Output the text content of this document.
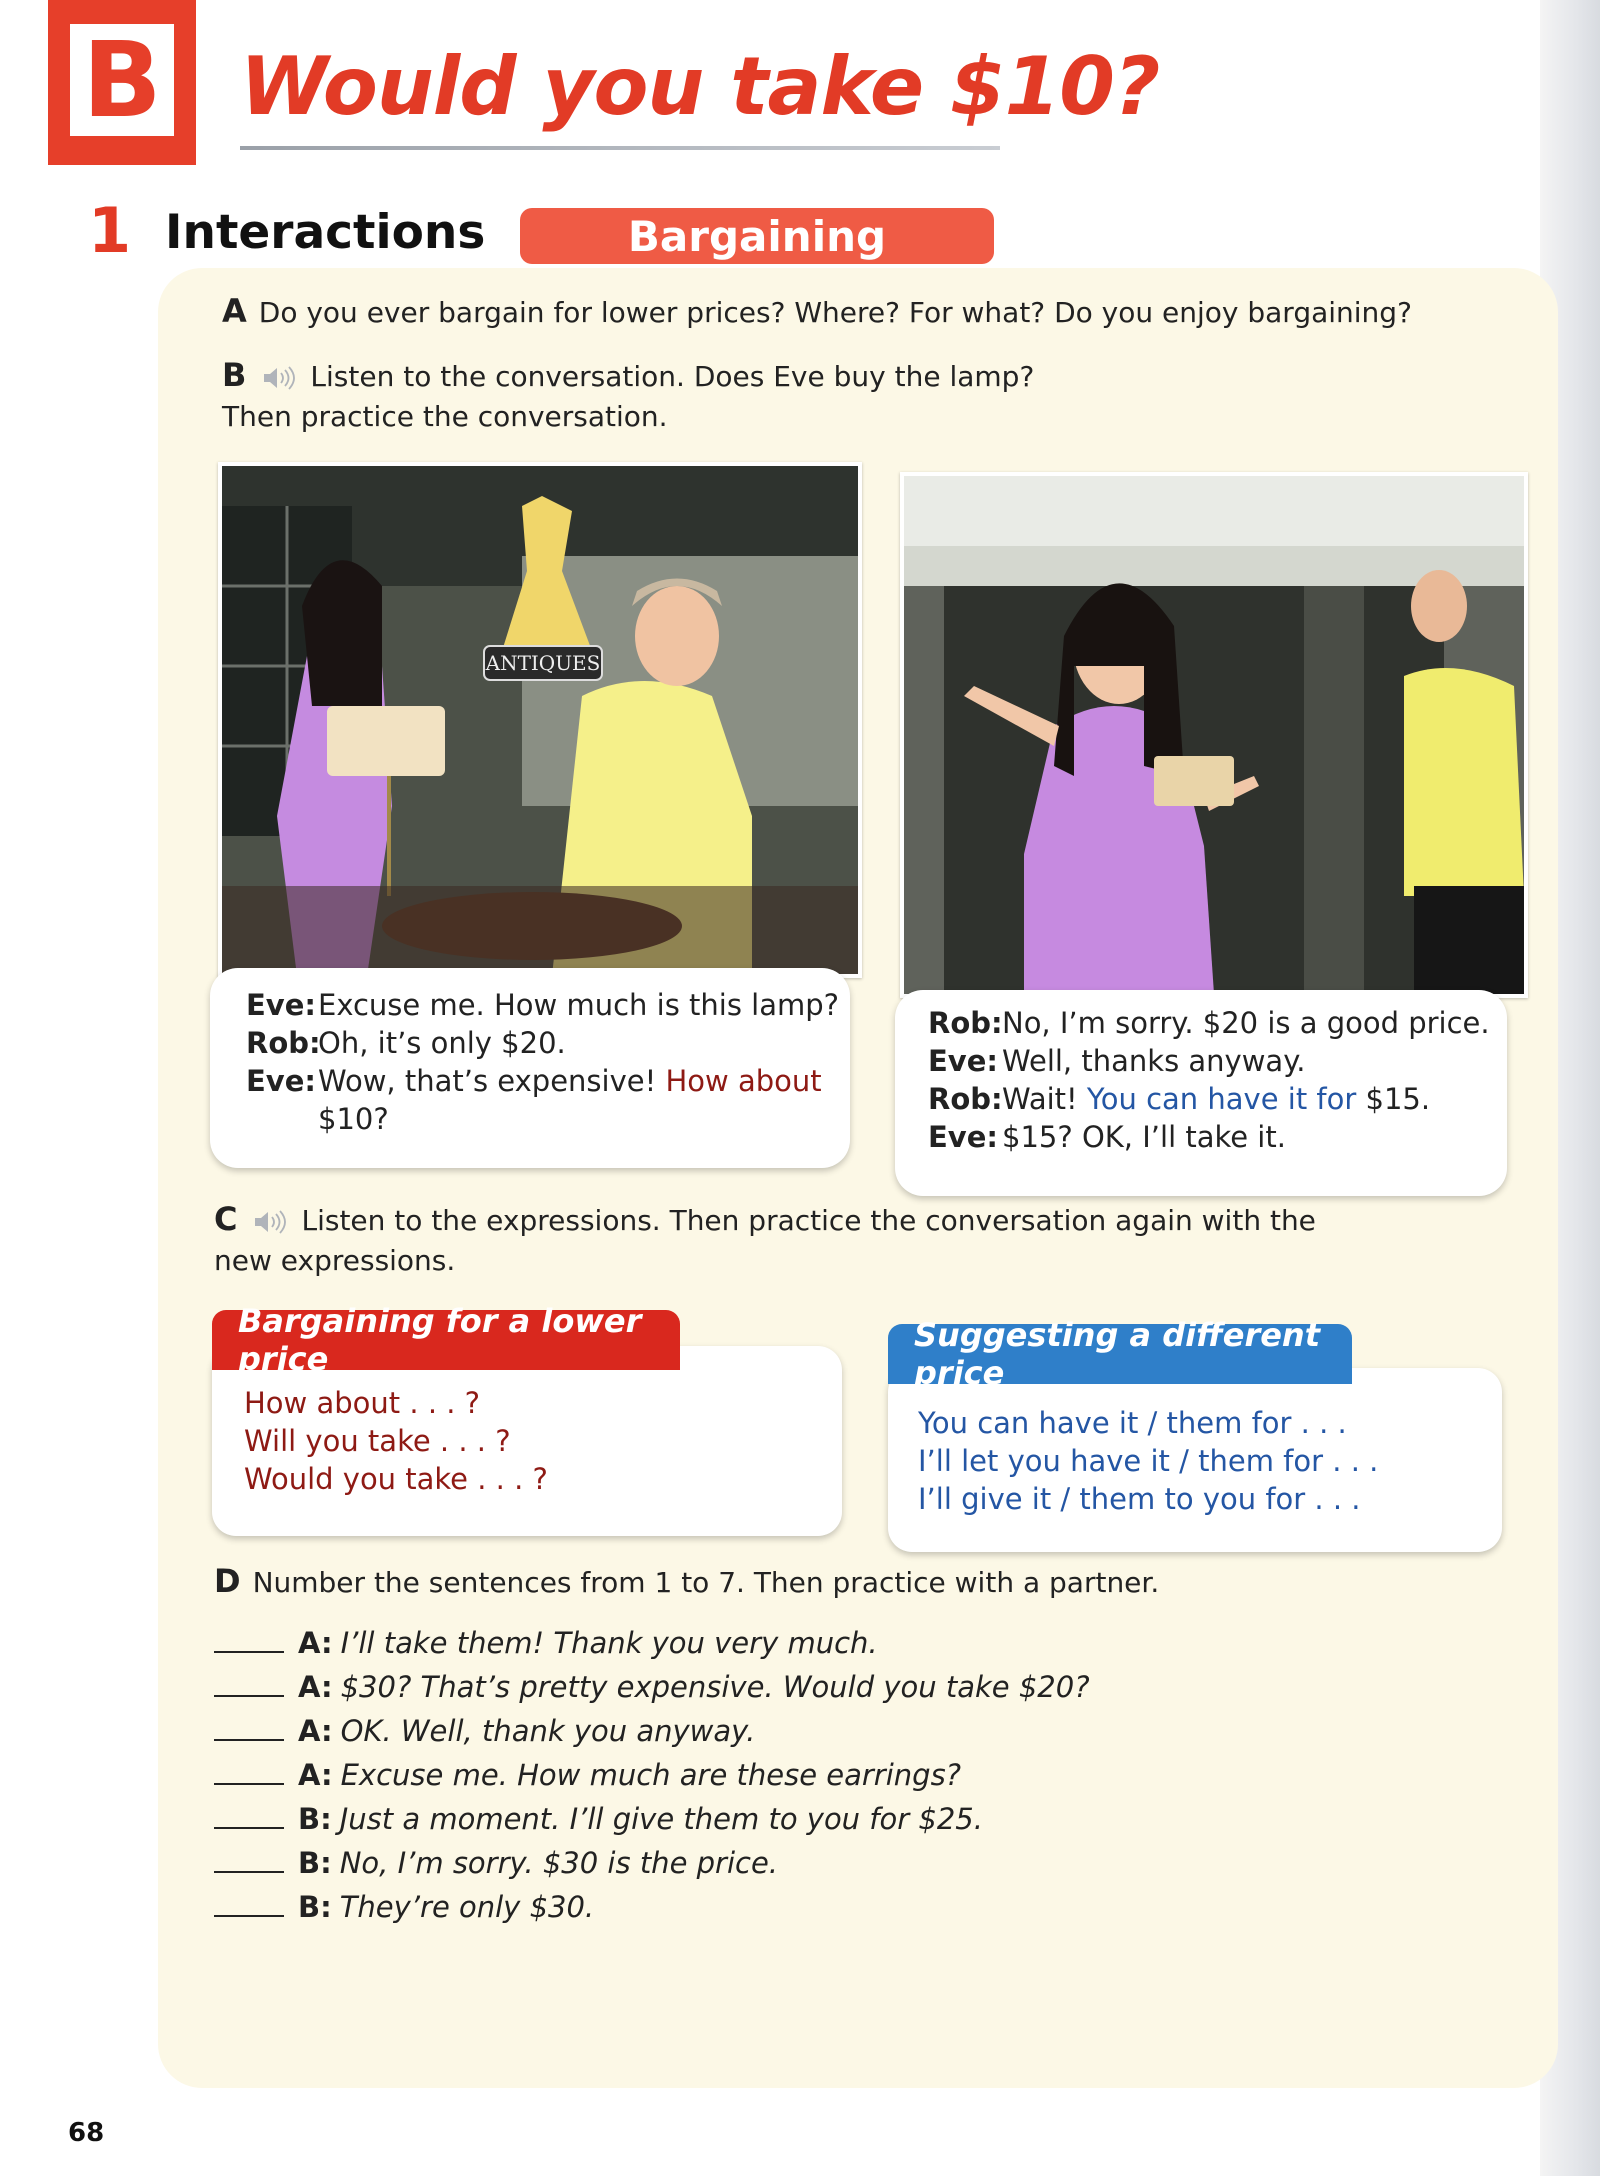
B Would you take $10?
1 Interactions	Bargaining
A Do you ever bargain for lower prices? Where? For what? Do you enjoy bargaining?
B Listen to the conversation. Does Eve buy the lamp?
Then practice the conversation.
ANTIQUES
Eve:Excuse me. How much is this lamp?
Rob:Oh, it’s only $20.
Eve:Wow, that’s expensive! How about
$10?
Rob:No, I’m sorry. $20 is a good price.
Eve: Well, thanks anyway.
Rob:Wait! You can have it for $15.
Eve: $15? OK, I’ll take it.
C Listen to the expressions. Then practice the conversation again with the
new expressions.
Bargaining for a lower price
How about . . . ?
Will you take . . . ?
Would you take . . . ?
Suggesting a different price
You can have it / them for . . .
I’ll let you have it / them for . . .
I’ll give it / them to you for . . .
D Number the sentences from 1 to 7. Then practice with a partner.
A: I’ll take them! Thank you very much.
A: $30? That’s pretty expensive. Would you take $20?
A: OK. Well, thank you anyway.
A: Excuse me. How much are these earrings?
B: Just a moment. I’ll give them to you for $25.
B: No, I’m sorry. $30 is the price.
B: They’re only $30.
68
